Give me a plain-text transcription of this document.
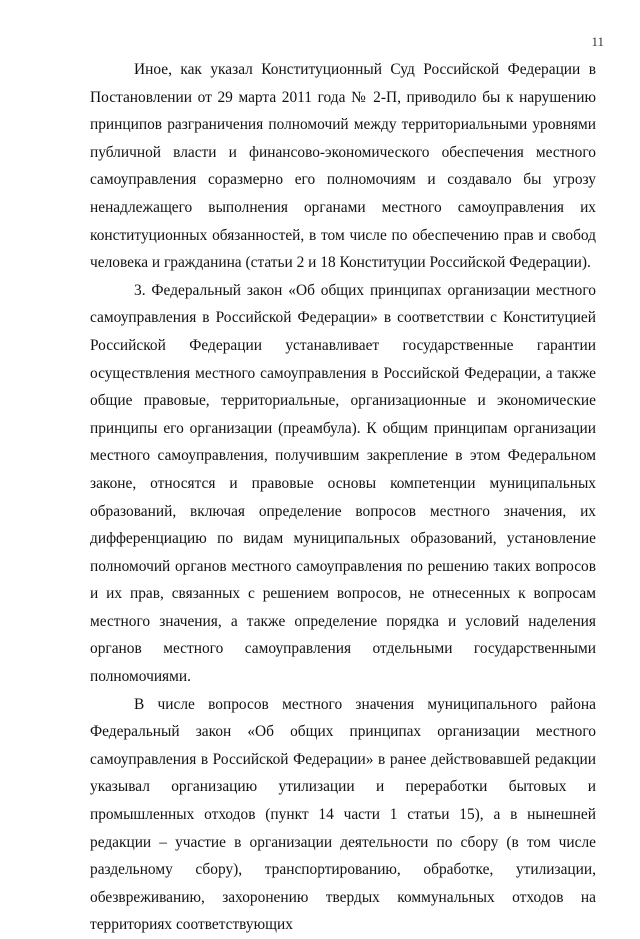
11

Иное, как указал Конституционный Суд Российской Федерации в Постановлении от 29 марта 2011 года № 2-П, приводило бы к нарушению принципов разграничения полномочий между территориальными уровнями публичной власти и финансово-экономического обеспечения местного самоуправления соразмерно его полномочиям и создавало бы угрозу ненадлежащего выполнения органами местного самоуправления их конституционных обязанностей, в том числе по обеспечению прав и свобод человека и гражданина (статьи 2 и 18 Конституции Российской Федерации).

3. Федеральный закон «Об общих принципах организации местного самоуправления в Российской Федерации» в соответствии с Конституцией Российской Федерации устанавливает государственные гарантии осуществления местного самоуправления в Российской Федерации, а также общие правовые, территориальные, организационные и экономические принципы его организации (преамбула). К общим принципам организации местного самоуправления, получившим закрепление в этом Федеральном законе, относятся и правовые основы компетенции муниципальных образований, включая определение вопросов местного значения, их дифференциацию по видам муниципальных образований, установление полномочий органов местного самоуправления по решению таких вопросов и их прав, связанных с решением вопросов, не отнесенных к вопросам местного значения, а также определение порядка и условий наделения органов местного самоуправления отдельными государственными полномочиями.

В числе вопросов местного значения муниципального района Федеральный закон «Об общих принципах организации местного самоуправления в Российской Федерации» в ранее действовавшей редакции указывал организацию утилизации и переработки бытовых и промышленных отходов (пункт 14 части 1 статьи 15), а в нынешней редакции – участие в организации деятельности по сбору (в том числе раздельному сбору), транспортированию, обработке, утилизации, обезвреживанию, захоронению твердых коммунальных отходов на территориях соответствующих
